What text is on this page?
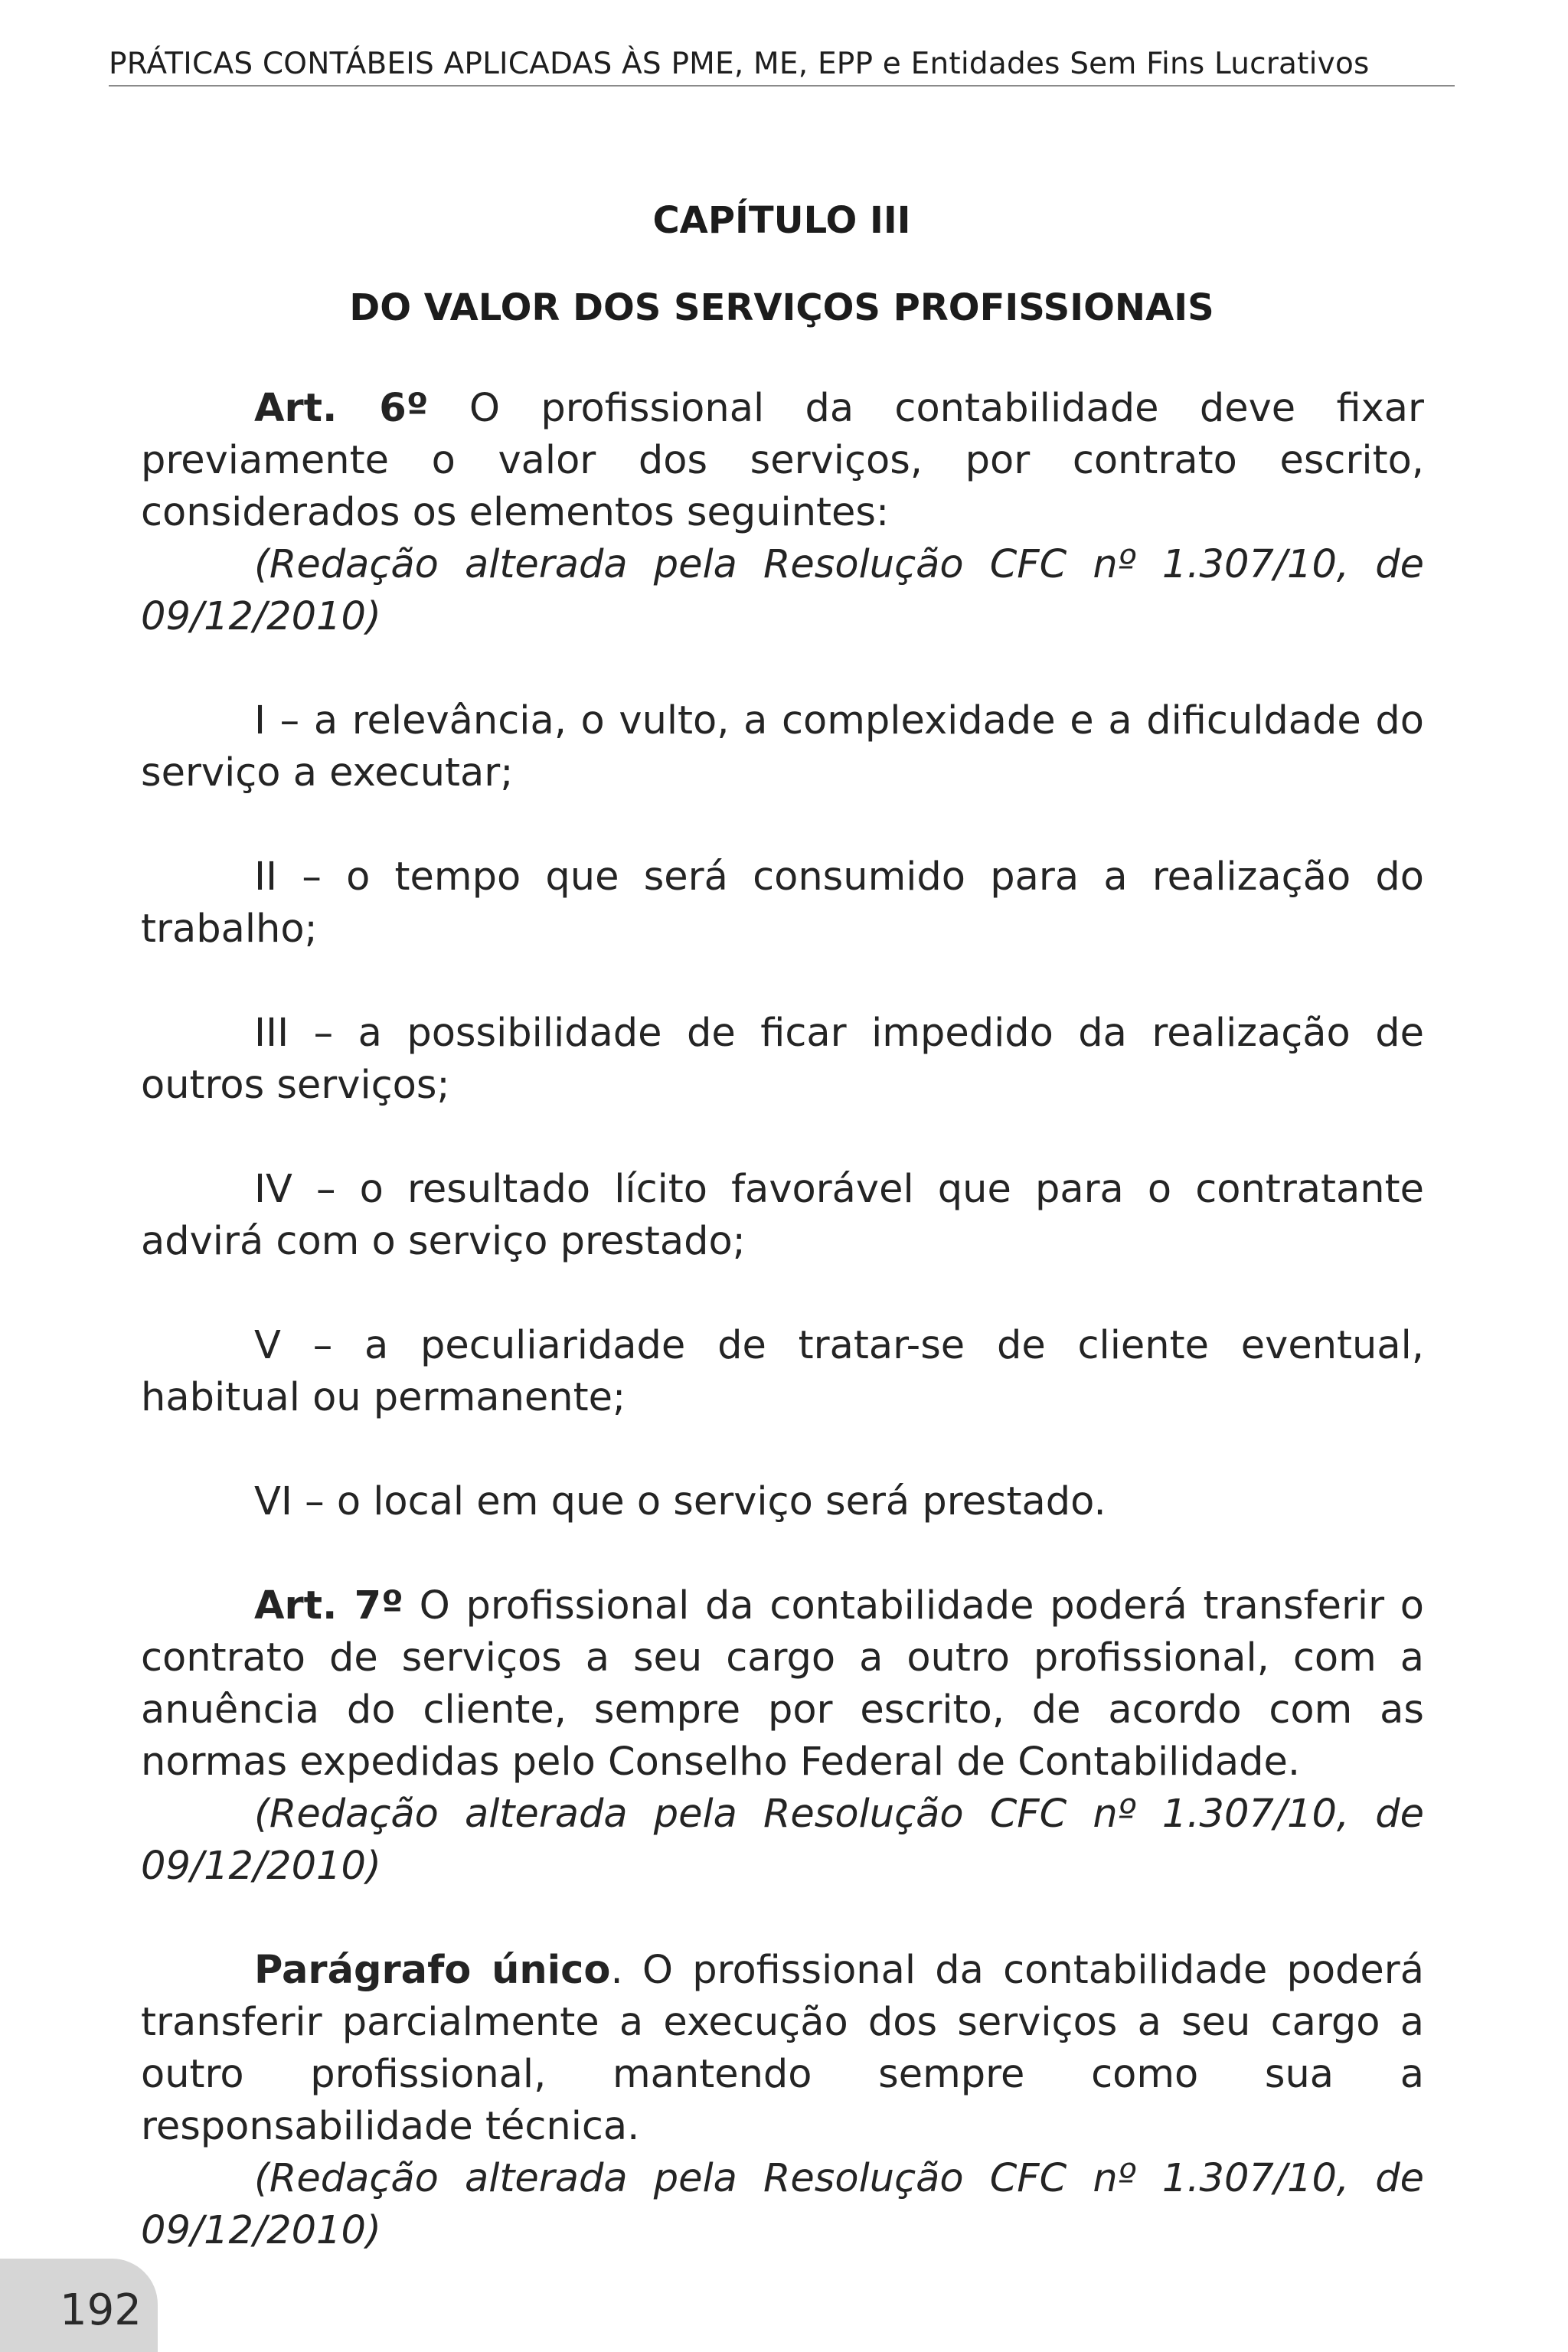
PRÁTICAS CONTÁBEIS APLICADAS ÀS PME, ME, EPP e Entidades Sem Fins Lucrativos
CAPÍTULO III
DO VALOR DOS SERVIÇOS PROFISSIONAIS

Art. 6º O profissional da contabilidade deve fixar previamente o valor dos serviços, por contrato escrito, considerados os elementos seguintes:

(Redação alterada pela Resolução CFC nº 1.307/10, de 09/12/2010)

I – a relevância, o vulto, a complexidade e a dificuldade do serviço a executar;

II – o tempo que será consumido para a realização do trabalho;

III – a possibilidade de ficar impedido da realização de outros serviços;

IV – o resultado lícito favorável que para o contratante advirá com o serviço prestado;

V – a peculiaridade de tratar-se de cliente eventual, habitual ou permanente;

VI – o local em que o serviço será prestado.

Art. 7º O profissional da contabilidade poderá transferir o contrato de serviços a seu cargo a outro profissional, com a anuência do cliente, sempre por escrito, de acordo com as normas expedidas pelo Conselho Federal de Contabilidade.

(Redação alterada pela Resolução CFC nº 1.307/10, de 09/12/2010)

Parágrafo único. O profissional da contabilidade poderá transferir parcialmente a execução dos serviços a seu cargo a outro profissional, mantendo sempre como sua a responsabilidade técnica.

(Redação alterada pela Resolução CFC nº 1.307/10, de 09/12/2010)

192
